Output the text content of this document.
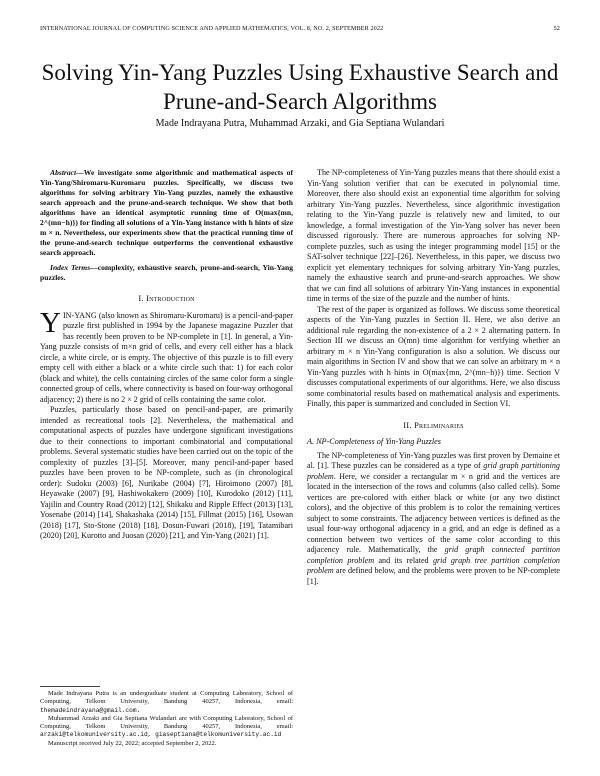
INTERNATIONAL JOURNAL OF COMPUTING SCIENCE AND APPLIED MATHEMATICS, VOL. 8, NO. 2, SEPTEMBER 2022	52
Solving Yin-Yang Puzzles Using Exhaustive Search and Prune-and-Search Algorithms
Made Indrayana Putra, Muhammad Arzaki, and Gia Septiana Wulandari

Abstract—We investigate some algorithmic and mathematical aspects of Yin-Yang/Shiromaru-Kuromaru puzzles. Specifically, we discuss two algorithms for solving arbitrary Yin-Yang puzzles, namely the exhaustive search approach and the prune-and-search technique. We show that both algorithms have an identical asymptotic running time of O(max{mn, 2^(mn−h)}) for finding all solutions of a Yin-Yang instance with h hints of size m × n. Nevertheless, our experiments show that the practical running time of the prune-and-search technique outperforms the conventional exhaustive search approach.

Index Terms—complexity, exhaustive search, prune-and-search, Yin-Yang puzzles.

I. Introduction

YIN-YANG (also known as Shiromaru-Kuromaru) is a pencil-and-paper puzzle first published in 1994 by the Japanese magazine Puzzler that has recently been proven to be NP-complete in [1]. In general, a Yin-Yang puzzle consists of m×n grid of cells, and every cell either has a black circle, a white circle, or is empty. The objective of this puzzle is to fill every empty cell with either a black or a white circle such that: 1) for each color (black and white), the cells containing circles of the same color form a single connected group of cells, where connectivity is based on four-way orthogonal adjacency; 2) there is no 2 × 2 grid of cells containing the same color.

Puzzles, particularly those based on pencil-and-paper, are primarily intended as recreational tools [2]. Nevertheless, the mathematical and computational aspects of puzzles have undergone significant investigations due to their connections to important combinatorial and computational problems. Several systematic studies have been carried out on the topic of the complexity of puzzles [3]–[5]. Moreover, many pencil-and-paper based puzzles have been proven to be NP-complete, such as (in chronological order): Sudoku (2003) [6], Nurikabe (2004) [7], Hiroimono (2007) [8], Heyawake (2007) [9], Hashiwokakero (2009) [10], Kurodoko (2012) [11], Yajilin and Country Road (2012) [12], Shikaku and Ripple Effect (2013) [13], Yosenabe (2014) [14], Shakashaka (2014) [15], Fillmat (2015) [16], Usowan (2018) [17], Sto-Stone (2018) [18], Dosun-Fuwari (2018), [19], Tatamibari (2020) [20], Kurotto and Juosan (2020) [21], and Yin-Yang (2021) [1].

Made Indrayana Putra is an undergraduate student at Computing Laboratory, School of Computing, Telkom University, Bandung 40257, Indonesia, email: themadeindrayana@gmail.com.

Muhammad Arzaki and Gia Septiana Wulandari are with Computing Laboratory, School of Computing, Telkom University, Bandung 40257, Indonesia, email: arzaki@telkomuniversity.ac.id, giaseptiana@telkomuniversity.ac.id

Manuscript received July 22, 2022; accepted September 2, 2022.

The NP-completeness of Yin-Yang puzzles means that there should exist a Yin-Yang solution verifier that can be executed in polynomial time. Moreover, there also should exist an exponential time algorithm for solving arbitrary Yin-Yang puzzles. Nevertheless, since algorithmic investigation relating to the Yin-Yang puzzle is relatively new and limited, to our knowledge, a formal investigation of the Yin-Yang solver has never been discussed rigorously. There are numerous approaches for solving NP-complete puzzles, such as using the integer programming model [15] or the SAT-solver technique [22]–[26]. Nevertheless, in this paper, we discuss two explicit yet elementary techniques for solving arbitrary Yin-Yang puzzles, namely the exhaustive search and prune-and-search approaches. We show that we can find all solutions of arbitrary Yin-Yang instances in exponential time in terms of the size of the puzzle and the number of hints.

The rest of the paper is organized as follows. We discuss some theoretical aspects of the Yin-Yang puzzles in Section II. Here, we also derive an additional rule regarding the non-existence of a 2 × 2 alternating pattern. In Section III we discuss an O(mn) time algorithm for verifying whether an arbitrary m × n Yin-Yang configuration is also a solution. We discuss our main algorithms in Section IV and show that we can solve an arbitrary m × n Yin-Yang puzzles with h hints in O(max{mn, 2^(mn−h)}) time. Section V discusses computational experiments of our algorithms. Here, we also discuss some combinatorial results based on mathematical analysis and experiments. Finally, this paper is summarized and concluded in Section VI.

II. Preliminaries
A. NP-Completeness of Yin-Yang Puzzles

The NP-completeness of Yin-Yang puzzles was first proven by Demaine et al. [1]. These puzzles can be considered as a type of grid graph partitioning problem. Here, we consider a rectangular m × n grid and the vertices are located in the intersection of the rows and columns (also called cells). Some vertices are pre-colored with either black or white (or any two distinct colors), and the objective of this problem is to color the remaining vertices subject to some constraints. The adjacency between vertices is defined as the usual four-way orthogonal adjacency in a grid, and an edge is defined as a connection between two vertices of the same color according to this adjacency rule. Mathematically, the grid graph connected partition completion problem and its related grid graph tree partition completion problem are defined below, and the problems were proven to be NP-complete [1].
